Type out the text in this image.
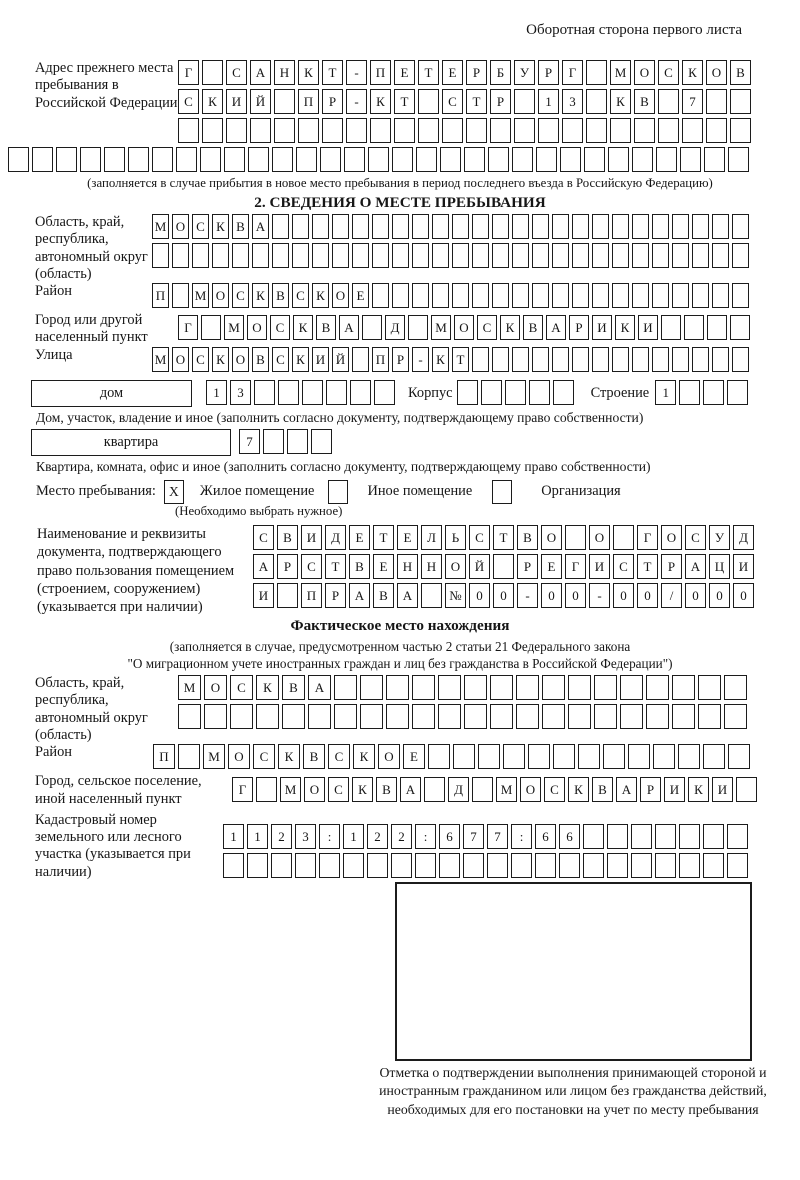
Оборотная сторона первого листа
Адрес прежнего места пребывания в Российской Федерации
Г	С	А	Н	К	Т	-	П	Е	Т	Е	Р	Б	У	Р	Г	М	О	С	К	О	В
С	К	И	Й	П	Р	-	К	Т	С	Т	Р	1	3	К	В	7
(заполняется в случае прибытия в новое место пребывания в период последнего въезда в Российскую Федерацию)
2. СВЕДЕНИЯ О МЕСТЕ ПРЕБЫВАНИЯ
Область, край, республика, автономный округ (область)
М О С К В А
Район	П М О С К В С К О Е
Город или другой населенный пункт
Г	М О	С	К	В	А	Д	М О	С	К	В	А	Р	И	К	И
Улица	М О С К О В С К И Й П Р	-	К Т
дом	1	3	Корпус	Строение	1
Дом, участок, владение и иное (заполнить согласно документу, подтверждающему право собственности)
квартира	7
Квартира, комната, офис и иное (заполнить согласно документу, подтверждающему право собственности)
Место пребывания: X	Жилое помещение	Иное помещение	Организация
(Необходимо выбрать нужное)
Наименование и реквизиты документа, подтверждающего право пользования помещением (строением, сооружением) (указывается при наличии)
С	В	И	Д	Е	Т	Е	Л	Ь	С	Т	В	О	О	Г	О	С	У	Д
А	Р	С	Т	В	Е	Н	Н	О	Й	Р	Е	Г	И	С	Т	Р	А	Ц	И
И	П	Р	А	В	А	№	0	0	-	0	0	-	0	0	/	0	0	0
Фактическое место нахождения
(заполняется в случае, предусмотренном частью 2 статьи 21 Федерального закона
"О миграционном учете иностранных граждан и лиц без гражданства в Российской Федерации")
Область, край, республика, автономный округ (область)
М	О	С	К	В	А
Район	П	М	О	С	К	В	С	К	О	Е
Город, сельское поселение, иной населенный пункт
Г	М	О	С	К	В	А	Д	М	О	С	К	В	А	Р	И	К	И
Кадастровый номер земельного или лесного участка (указывается при наличии)
1	1	2	3	:	1	2	2	:	6	7	7	:	6	6
Отметка о подтверждении выполнения принимающей стороной и иностранным гражданином или лицом без гражданства действий, необходимых для его постановки на учет по месту пребывания
